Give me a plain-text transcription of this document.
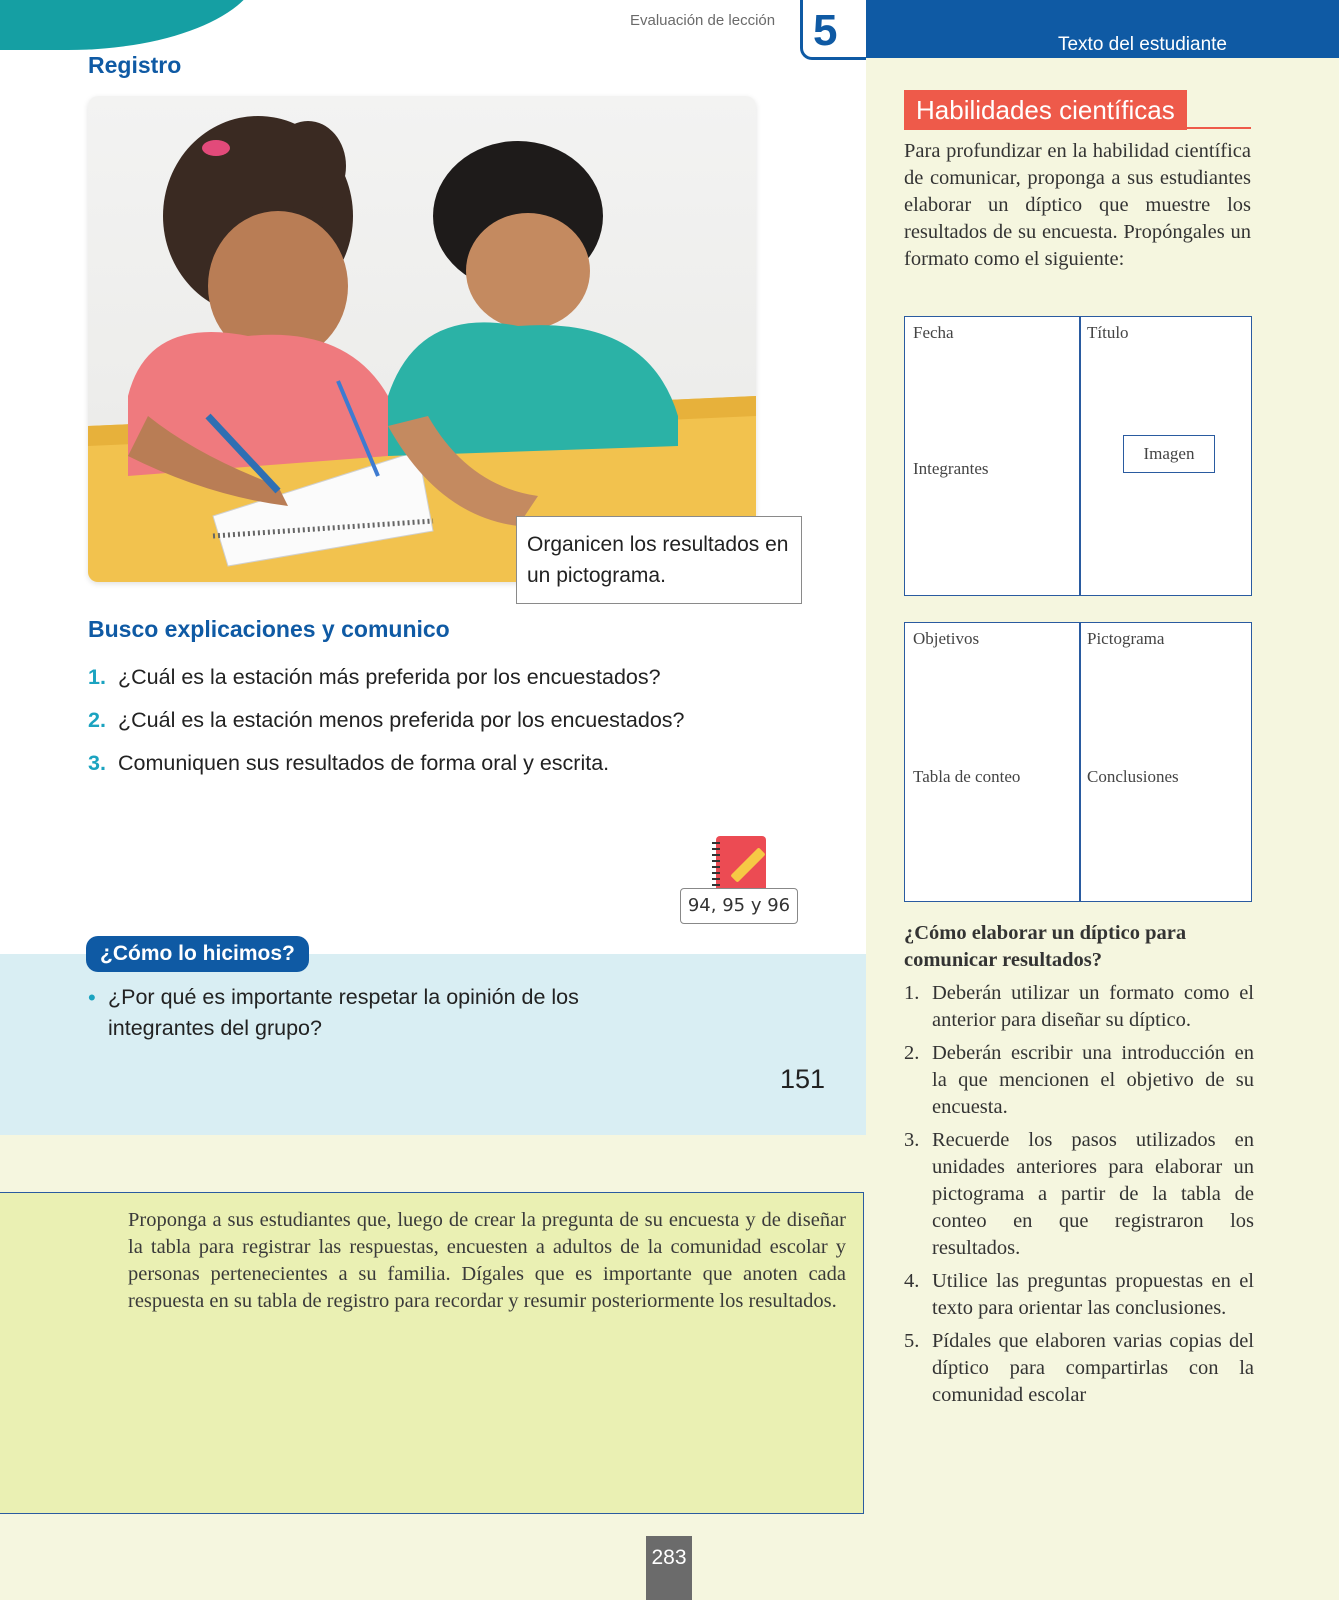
Evaluación de lección 5
Registro
Organicen los resultados en un pictograma.
Busco explicaciones y comunico
1. ¿Cuál es la estación más preferida por los encuestados?
2. ¿Cuál es la estación menos preferida por los encuestados?
3. Comuniquen sus resultados de forma oral y escrita.
94, 95 y 96
¿Cómo lo hicimos?
• ¿Por qué es importante respetar la opinión de los integrantes del grupo?
151
Texto del estudiante
Habilidades científicas
Para profundizar en la habilidad científica de comunicar, proponga a sus estudiantes elaborar un díptico que muestre los resultados de su encuesta. Propóngales un formato como el siguiente:
Fecha	Título
Integrantes
Imagen
Objetivos	Pictograma
Tabla de conteo	Conclusiones
¿Cómo elaborar un díptico para comunicar resultados?
1. Deberán utilizar un formato como el anterior para diseñar su díptico.
2. Deberán escribir una introducción en la que mencionen el objetivo de su encuesta.
3. Recuerde los pasos utilizados en unidades anteriores para elaborar un pictograma a partir de la tabla de conteo en que registraron los resultados.
4. Utilice las preguntas propuestas en el texto para orientar las conclusiones.
5. Pídales que elaboren varias copias del díptico para compartirlas con la comunidad escolar

Proponga a sus estudiantes que, luego de crear la pregunta de su encuesta y de diseñar la tabla para registrar las respuestas, encuesten a adultos de la comunidad escolar y personas pertenecientes a su familia. Dígales que es importante que anoten cada respuesta en su tabla de registro para recordar y resumir posteriormente los resultados.

283
